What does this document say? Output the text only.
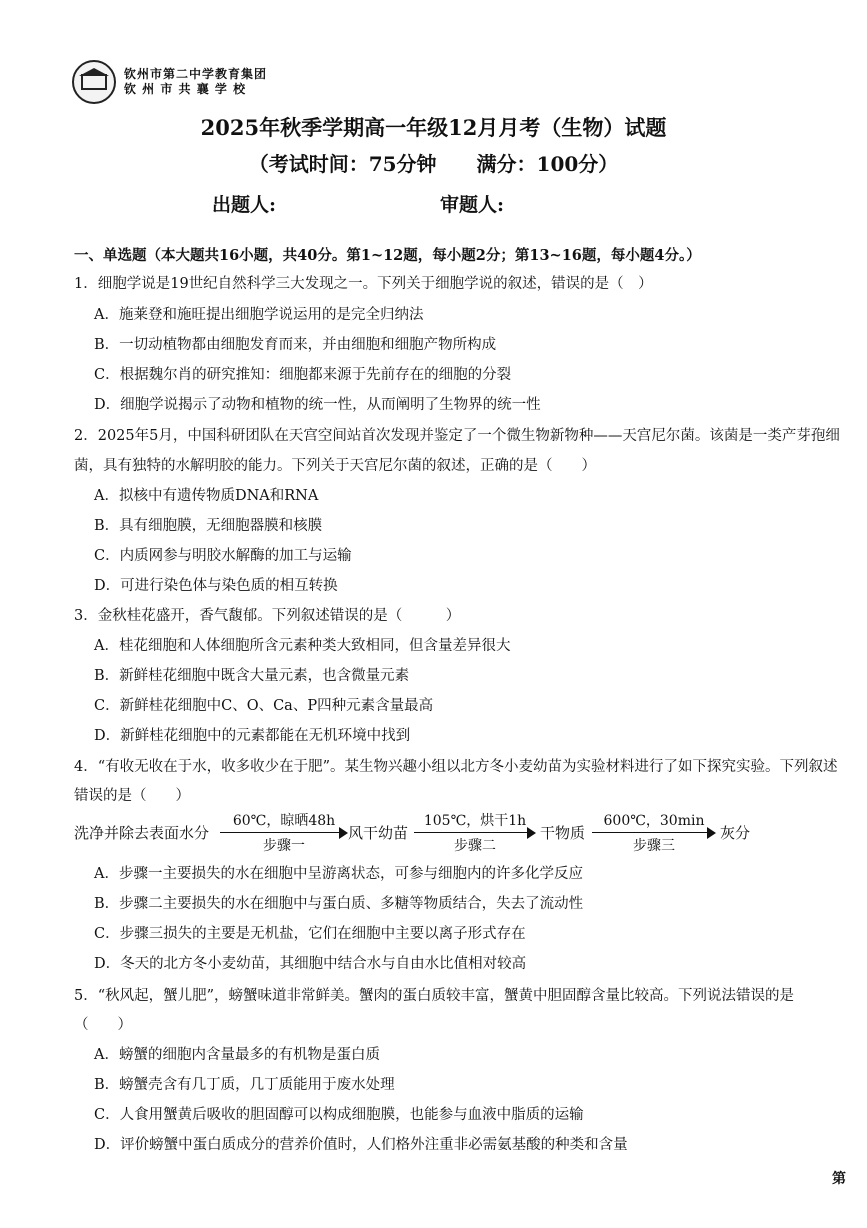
钦州市第二中学教育集团
钦 州 市 共 襄 学 校
2025年秋季学期高一年级12月月考（生物）试题
（考试时间：75分钟　　满分：100分）
出题人:	审题人:
一、单选题（本大题共16小题，共40分。第1~12题，每小题2分；第13~16题，每小题4分。）
1．细胞学说是19世纪自然科学三大发现之一。下列关于细胞学说的叙述，错误的是（　）
A．施莱登和施旺提出细胞学说运用的是完全归纳法
B．一切动植物都由细胞发育而来，并由细胞和细胞产物所构成
C．根据魏尔肖的研究推知：细胞都来源于先前存在的细胞的分裂
D．细胞学说揭示了动物和植物的统一性，从而阐明了生物界的统一性
2．2025年5月，中国科研团队在天宫空间站首次发现并鉴定了一个微生物新物种——天宫尼尔菌。该菌是一类产芽孢细
菌，具有独特的水解明胶的能力。下列关于天宫尼尔菌的叙述，正确的是（　　）
A．拟核中有遗传物质DNA和RNA
B．具有细胞膜，无细胞器膜和核膜
C．内质网参与明胶水解酶的加工与运输
D．可进行染色体与染色质的相互转换
3．金秋桂花盛开，香气馥郁。下列叙述错误的是（　　　）
A．桂花细胞和人体细胞所含元素种类大致相同，但含量差异很大
B．新鲜桂花细胞中既含大量元素，也含微量元素
C．新鲜桂花细胞中C、O、Ca、P四种元素含量最高
D．新鲜桂花细胞中的元素都能在无机环境中找到
4．“有收无收在于水，收多收少在于肥”。某生物兴趣小组以北方冬小麦幼苗为实验材料进行了如下探究实验。下列叙述
错误的是（　　）
洗净并除去表面水分
60℃，晾晒48h
步骤一
风干幼苗
105℃，烘干1h
步骤二
干物质
600℃，30min
步骤三
灰分
A．步骤一主要损失的水在细胞中呈游离状态，可参与细胞内的许多化学反应
B．步骤二主要损失的水在细胞中与蛋白质、多糖等物质结合，失去了流动性
C．步骤三损失的主要是无机盐，它们在细胞中主要以离子形式存在
D．冬天的北方冬小麦幼苗，其细胞中结合水与自由水比值相对较高
5．“秋风起，蟹儿肥”，螃蟹味道非常鲜美。蟹肉的蛋白质较丰富，蟹黄中胆固醇含量比较高。下列说法错误的是
（　　）
A．螃蟹的细胞内含量最多的有机物是蛋白质
B．螃蟹壳含有几丁质，几丁质能用于废水处理
C．人食用蟹黄后吸收的胆固醇可以构成细胞膜，也能参与血液中脂质的运输
D．评价螃蟹中蛋白质成分的营养价值时，人们格外注重非必需氨基酸的种类和含量
第
